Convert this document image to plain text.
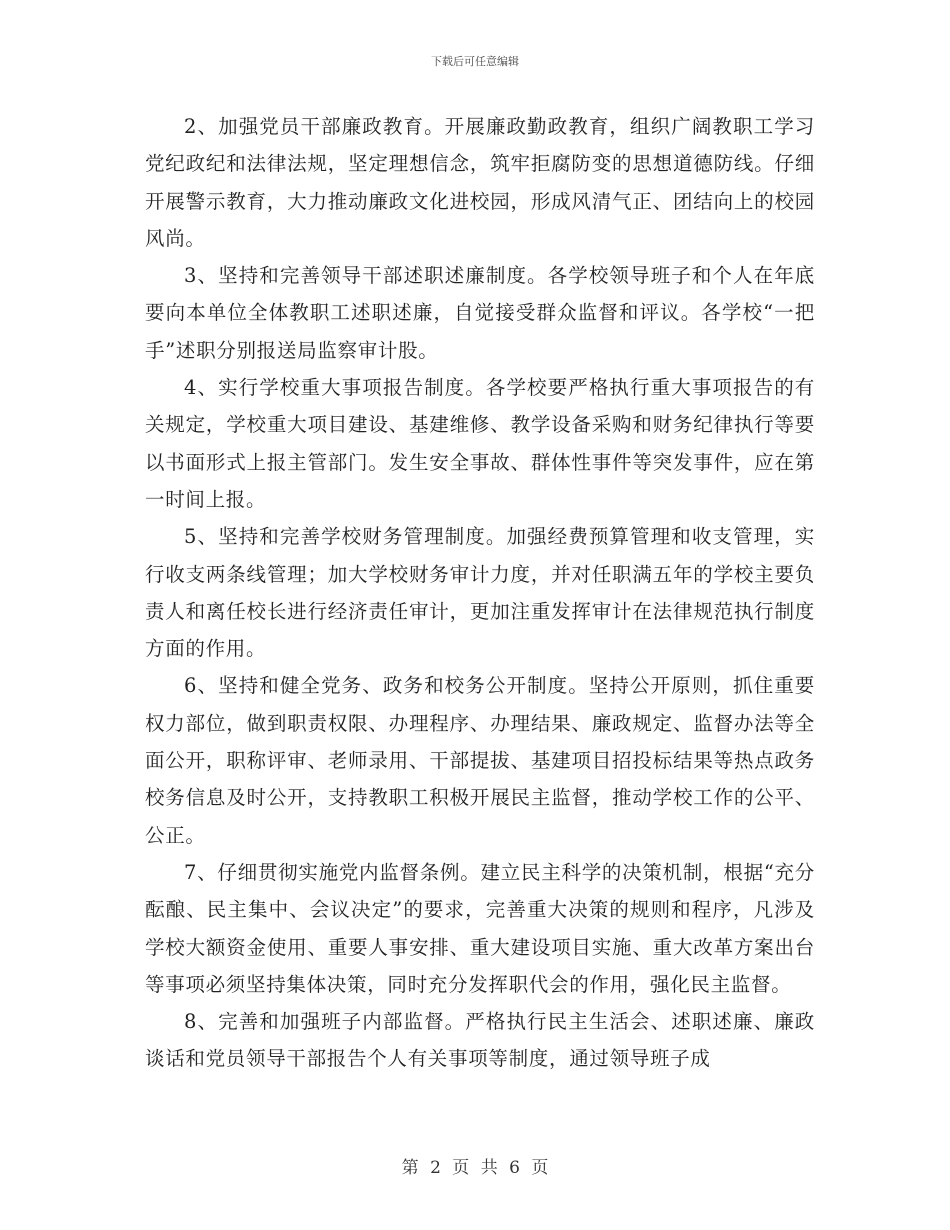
下载后可任意编辑

2、加强党员干部廉政教育。开展廉政勤政教育，组织广阔教职工学习党纪政纪和法律法规，坚定理想信念，筑牢拒腐防变的思想道德防线。仔细开展警示教育，大力推动廉政文化进校园，形成风清气正、团结向上的校园风尚。

3、坚持和完善领导干部述职述廉制度。各学校领导班子和个人在年底要向本单位全体教职工述职述廉，自觉接受群众监督和评议。各学校“一把手”述职分别报送局监察审计股。

4、实行学校重大事项报告制度。各学校要严格执行重大事项报告的有关规定，学校重大项目建设、基建维修、教学设备采购和财务纪律执行等要以书面形式上报主管部门。发生安全事故、群体性事件等突发事件，应在第一时间上报。

5、坚持和完善学校财务管理制度。加强经费预算管理和收支管理，实行收支两条线管理；加大学校财务审计力度，并对任职满五年的学校主要负责人和离任校长进行经济责任审计，更加注重发挥审计在法律规范执行制度方面的作用。

6、坚持和健全党务、政务和校务公开制度。坚持公开原则，抓住重要权力部位，做到职责权限、办理程序、办理结果、廉政规定、监督办法等全面公开，职称评审、老师录用、干部提拔、基建项目招投标结果等热点政务校务信息及时公开，支持教职工积极开展民主监督，推动学校工作的公平、公正。

7、仔细贯彻实施党内监督条例。建立民主科学的决策机制，根据“充分酝酿、民主集中、会议决定”的要求，完善重大决策的规则和程序，凡涉及学校大额资金使用、重要人事安排、重大建设项目实施、重大改革方案出台等事项必须坚持集体决策，同时充分发挥职代会的作用，强化民主监督。

8、完善和加强班子内部监督。严格执行民主生活会、述职述廉、廉政谈话和党员领导干部报告个人有关事项等制度，通过领导班子成

第 2 页 共 6 页
